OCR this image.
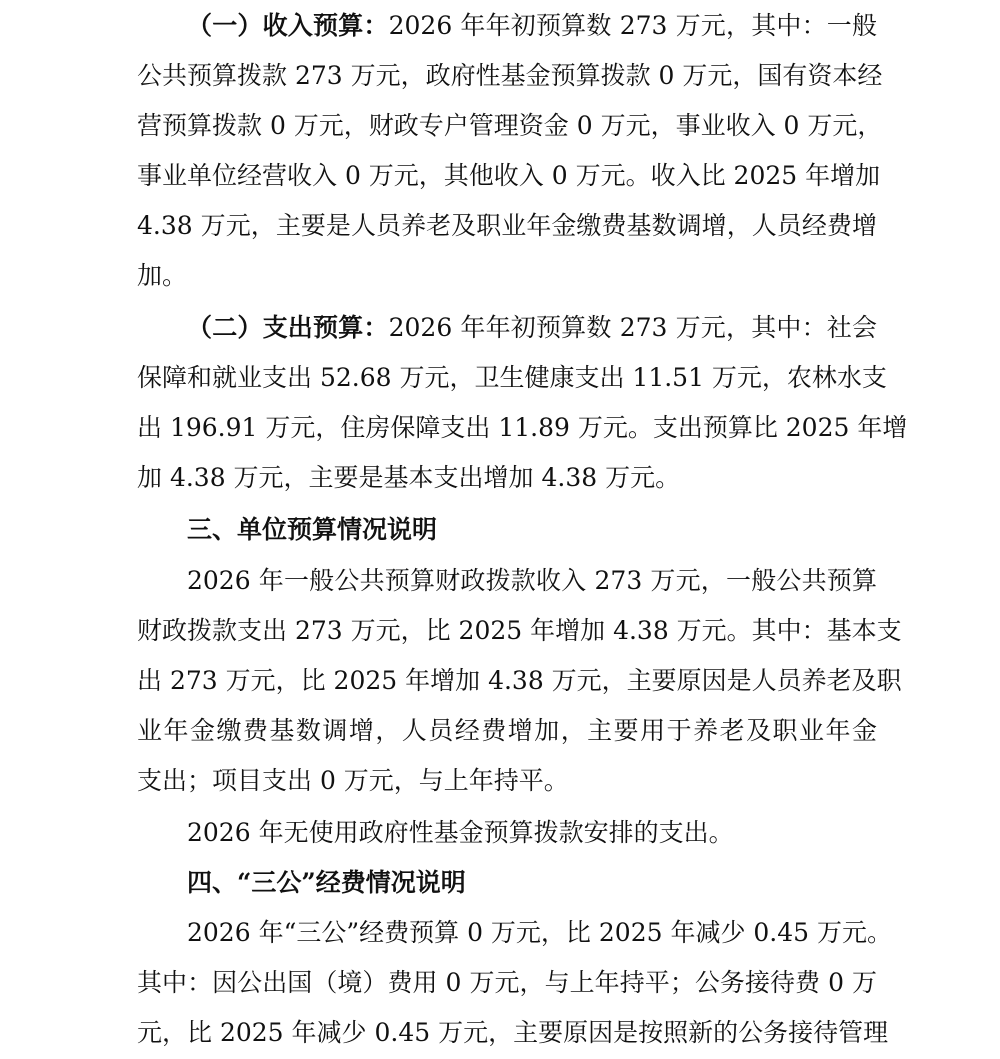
（一）收入预算：2026 年年初预算数 273 万元，其中：一般
公共预算拨款 273 万元，政府性基金预算拨款 0 万元，国有资本经
营预算拨款 0 万元，财政专户管理资金 0 万元，事业收入 0 万元，
事业单位经营收入 0 万元，其他收入 0 万元。收入比 2025 年增加
4.38 万元，主要是人员养老及职业年金缴费基数调增，人员经费增
加。
（二）支出预算：2026 年年初预算数 273 万元，其中：社会
保障和就业支出 52.68 万元，卫生健康支出 11.51 万元，农林水支
出 196.91 万元，住房保障支出 11.89 万元。支出预算比 2025 年增
加 4.38 万元，主要是基本支出增加 4.38 万元。
三、单位预算情况说明
2026 年一般公共预算财政拨款收入 273 万元，一般公共预算
财政拨款支出 273 万元，比 2025 年增加 4.38 万元。其中：基本支
出 273 万元，比 2025 年增加 4.38 万元，主要原因是人员养老及职
业年金缴费基数调增，人员经费增加，主要用于养老及职业年金
支出；项目支出 0 万元，与上年持平。
2026 年无使用政府性基金预算拨款安排的支出。
四、“三公”经费情况说明
2026 年“三公”经费预算 0 万元，比 2025 年减少 0.45 万元。
其中：因公出国（境）费用 0 万元，与上年持平；公务接待费 0 万
元，比 2025 年减少 0.45 万元，主要原因是按照新的公务接待管理
